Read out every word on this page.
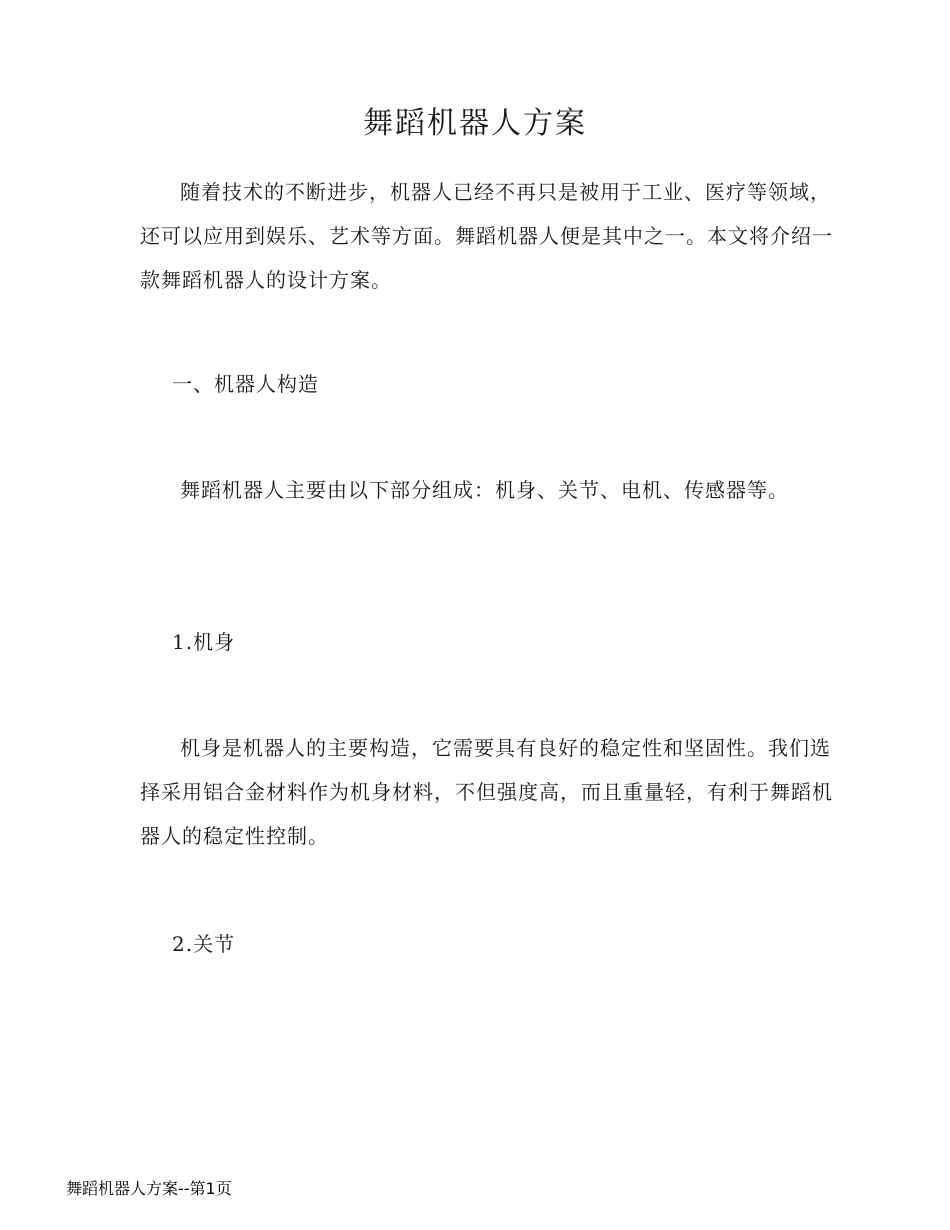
舞蹈机器人方案

随着技术的不断进步，机器人已经不再只是被用于工业、医疗等领域，还可以应用到娱乐、艺术等方面。舞蹈机器人便是其中之一。本文将介绍一款舞蹈机器人的设计方案。

一、机器人构造

舞蹈机器人主要由以下部分组成：机身、关节、电机、传感器等。

1.机身

机身是机器人的主要构造，它需要具有良好的稳定性和坚固性。我们选择采用铝合金材料作为机身材料，不但强度高，而且重量轻，有利于舞蹈机器人的稳定性控制。

2.关节
舞蹈机器人方案--第1页
